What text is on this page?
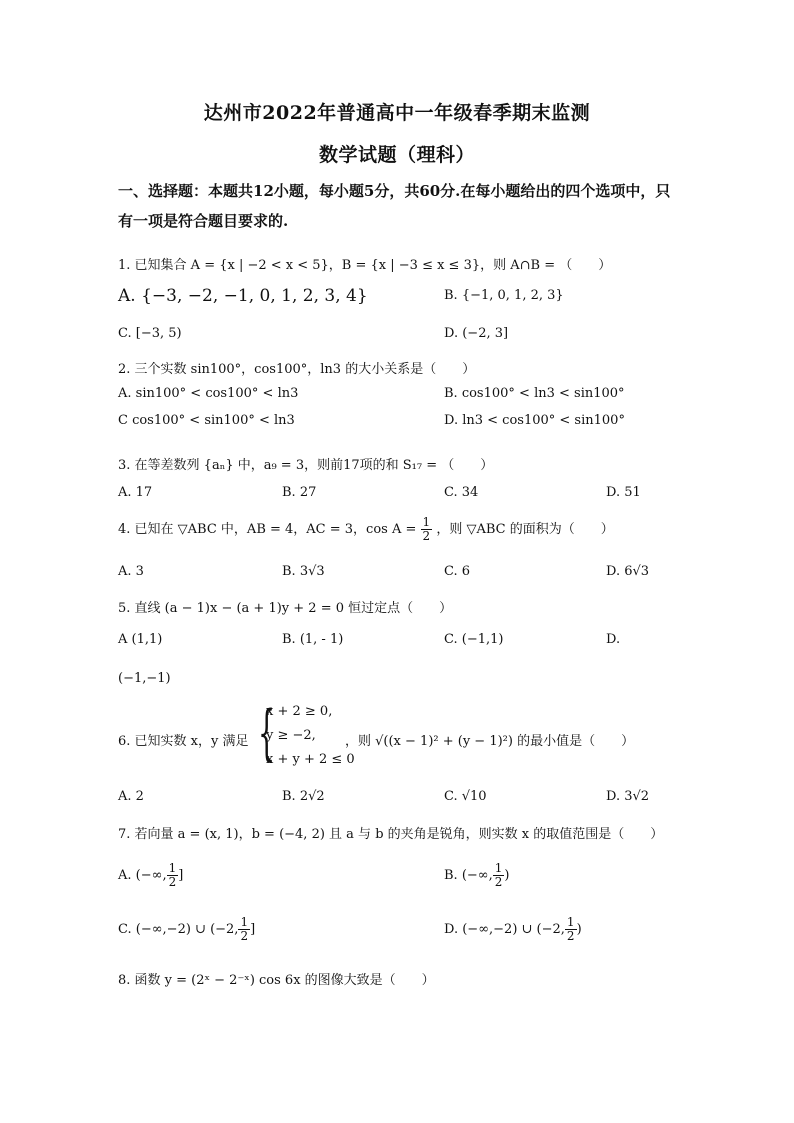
达州市2022年普通高中一年级春季期末监测
数学试题（理科）
一、选择题：本题共12小题，每小题5分，共60分.在每小题给出的四个选项中，只有一项是符合题目要求的.
1. 已知集合 A = {x | −2 < x < 5}，B = {x | −3 ≤ x ≤ 3}，则 A∩B = （　　）
A. {−3, −2, −1, 0, 1, 2, 3, 4}	B. {−1, 0, 1, 2, 3}
C. [−3, 5)	D. (−2, 3]
2. 三个实数 sin100°，cos100°，ln3 的大小关系是（　　）
A. sin100° < cos100° < ln3	B. cos100° < ln3 < sin100°
C cos100° < sin100° < ln3	D. ln3 < cos100° < sin100°
3. 在等差数列 {aₙ} 中，a₉ = 3，则前17项的和 S₁₇ = （　　）
A. 17	B. 27	C. 34	D. 51
4. 已知在 ▽ABC 中，AB = 4，AC = 3，$\cos A = \frac{1}{2}$ ，则 ▽ABC 的面积为（　　）
A. 3	B. 3√3	C. 6	D. 6√3
5. 直线 (a − 1)x − (a + 1)y + 2 = 0 恒过定点（　　）
A (1,1)	B. (1, - 1)	C. (−1,1)	D.
(−1,−1)
6. 已知实数 x，y 满足 {
x + 2 ≥ 0,
y ≥ −2,
x + y + 2 ≤ 0
，则 √((x − 1)² + (y − 1)²) 的最小值是（　　）
A. 2	B. 2√2	C. √10	D. 3√2
7. 若向量 a = (x, 1)，b = (−4, 2) 且 a 与 b 的夹角是锐角，则实数 x 的取值范围是（　　）
A. (−∞, $\frac{1}{2}$ ]	B. (−∞, $\frac{1}{2}$ )
C. (−∞,−2) ∪ (−2, $\frac{1}{2}$ ]	D. (−∞,−2) ∪ (−2, $\frac{1}{2}$ )
8. 函数 y = (2ˣ − 2⁻ˣ) cos 6x 的图像大致是（　　）
